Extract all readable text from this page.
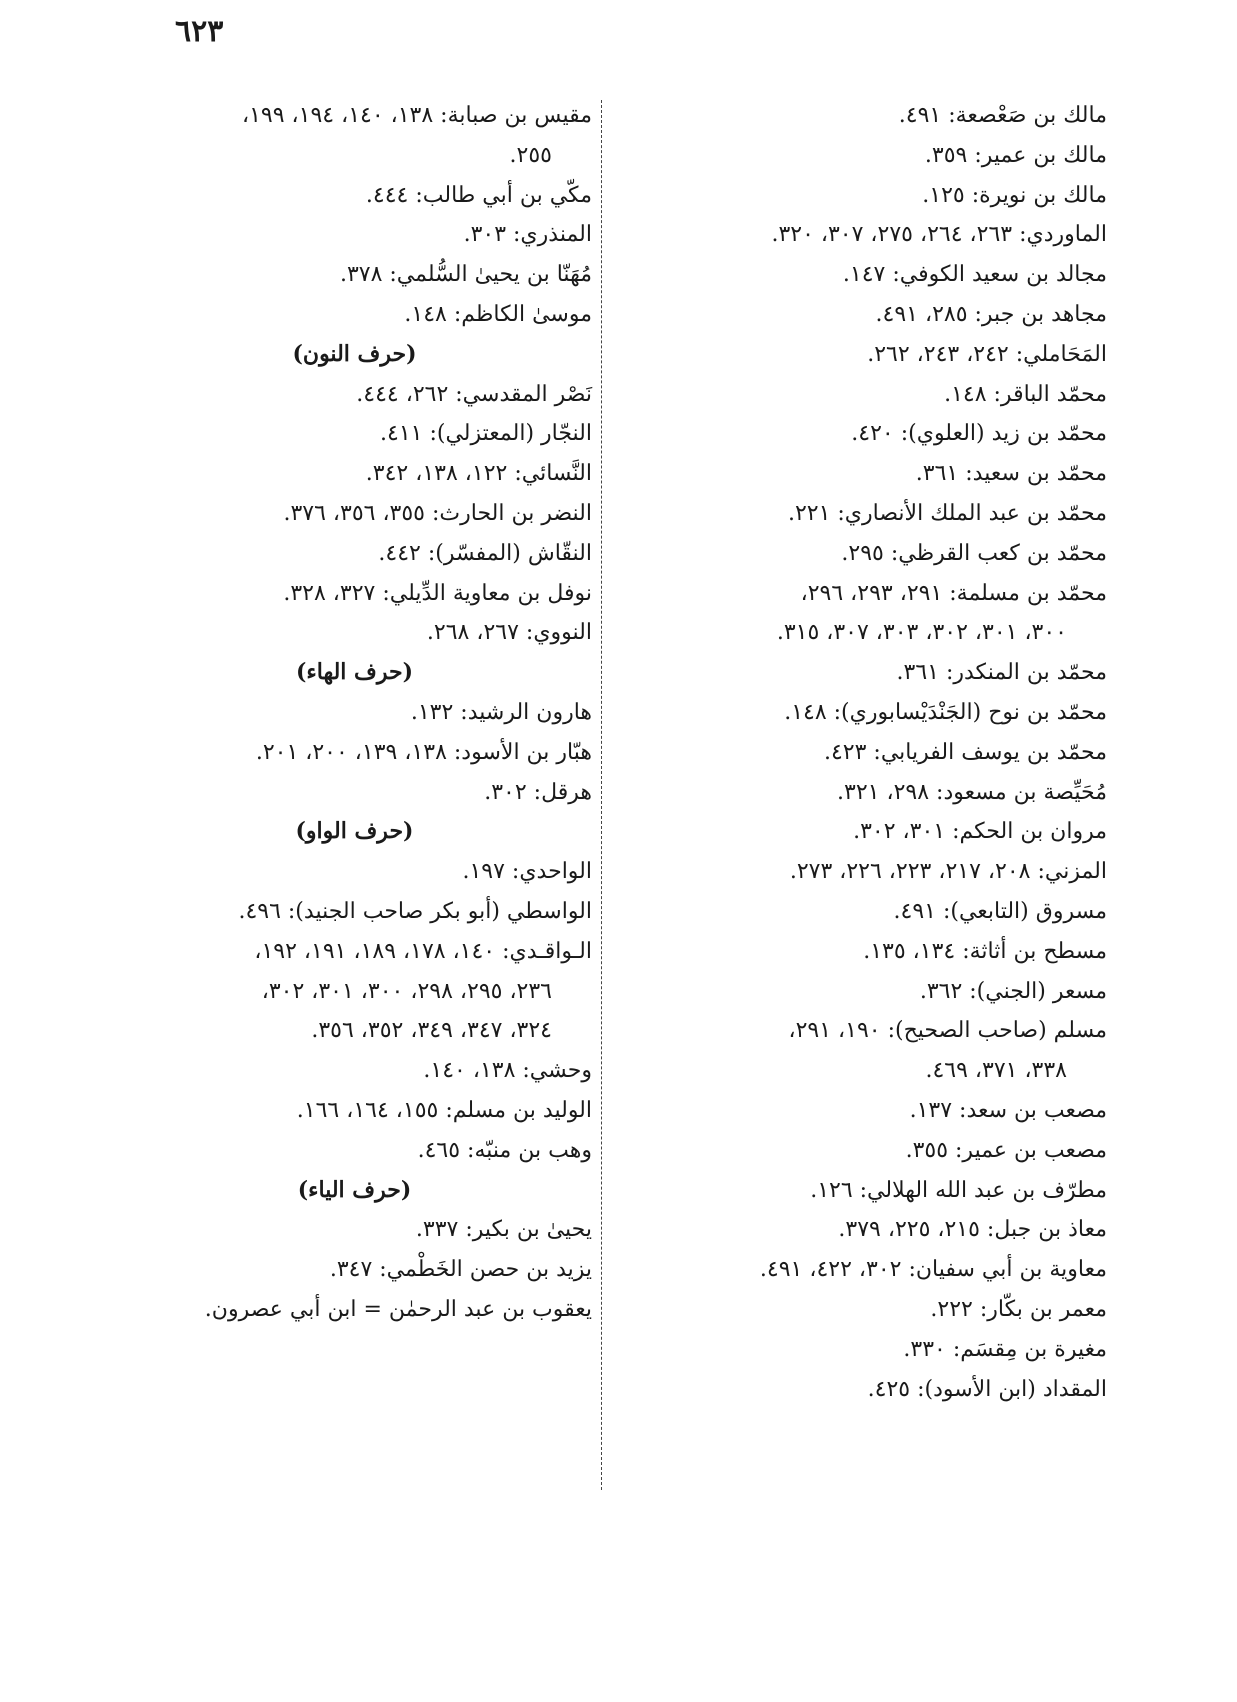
٦٢٣
مالك بن صَعْصعة: ٤٩١.
مالك بن عمير: ٣٥٩.
مالك بن نويرة: ١٢٥.
الماوردي: ٢٦٣، ٢٦٤، ٢٧٥، ٣٠٧، ٣٢٠.
مجالد بن سعيد الكوفي: ١٤٧.
مجاهد بن جبر: ٢٨٥، ٤٩١.
المَحَاملي: ٢٤٢، ٢٤٣، ٢٦٢.
محمّد الباقر: ١٤٨.
محمّد بن زيد (العلوي): ٤٢٠.
محمّد بن سعيد: ٣٦١.
محمّد بن عبد الملك الأنصاري: ٢٢١.
محمّد بن كعب القرظي: ٢٩٥.
محمّد بن مسلمة: ٢٩١، ٢٩٣، ٢٩٦،
٣٠٠، ٣٠١، ٣٠٢، ٣٠٣، ٣٠٧، ٣١٥.
محمّد بن المنكدر: ٣٦١.
محمّد بن نوح (الجَنْدَيْسابوري): ١٤٨.
محمّد بن يوسف الفريابي: ٤٢٣.
مُحَيِّصة بن مسعود: ٢٩٨، ٣٢١.
مروان بن الحكم: ٣٠١، ٣٠٢.
المزني: ٢٠٨، ٢١٧، ٢٢٣، ٢٢٦، ٢٧٣.
مسروق (التابعي): ٤٩١.
مسطح بن أثاثة: ١٣٤، ١٣٥.
مسعر (الجني): ٣٦٢.
مسلم (صاحب الصحيح): ١٩٠، ٢٩١،
٣٣٨، ٣٧١، ٤٦٩.
مصعب بن سعد: ١٣٧.
مصعب بن عمير: ٣٥٥.
مطرّف بن عبد الله الهلالي: ١٢٦.
معاذ بن جبل: ٢١٥، ٢٢٥، ٣٧٩.
معاوية بن أبي سفيان: ٣٠٢، ٤٢٢، ٤٩١.
معمر بن بكّار: ٢٢٢.
مغيرة بن مِقسَم: ٣٣٠.
المقداد (ابن الأسود): ٤٢٥.
مقيس بن صبابة: ١٣٨، ١٤٠، ١٩٤، ١٩٩،
٢٥٥.
مكّي بن أبي طالب: ٤٤٤.
المنذري: ٣٠٣.
مُهَنّا بن يحيىٰ السُّلمي: ٣٧٨.
موسىٰ الكاظم: ١٤٨.
(حرف النون)
نَصْر المقدسي: ٢٦٢، ٤٤٤.
النجّار (المعتزلي): ٤١١.
النَّسائي: ١٢٢، ١٣٨، ٣٤٢.
النضر بن الحارث: ٣٥٥، ٣٥٦، ٣٧٦.
النقّاش (المفسّر): ٤٤٢.
نوفل بن معاوية الدِّيلي: ٣٢٧، ٣٢٨.
النووي: ٢٦٧، ٢٦٨.
(حرف الهاء)
هارون الرشيد: ١٣٢.
هبّار بن الأسود: ١٣٨، ١٣٩، ٢٠٠، ٢٠١.
هرقل: ٣٠٢.
(حرف الواو)
الواحدي: ١٩٧.
الواسطي (أبو بكر صاحب الجنيد): ٤٩٦.
الـواقـدي: ١٤٠، ١٧٨، ١٨٩، ١٩١، ١٩٢،
٢٣٦، ٢٩٥، ٢٩٨، ٣٠٠، ٣٠١، ٣٠٢،
٣٢٤، ٣٤٧، ٣٤٩، ٣٥٢، ٣٥٦.
وحشي: ١٣٨، ١٤٠.
الوليد بن مسلم: ١٥٥، ١٦٤، ١٦٦.
وهب بن منبّه: ٤٦٥.
(حرف الياء)
يحيىٰ بن بكير: ٣٣٧.
يزيد بن حصن الخَطْمي: ٣٤٧.
يعقوب بن عبد الرحمٰن = ابن أبي عصرون.
